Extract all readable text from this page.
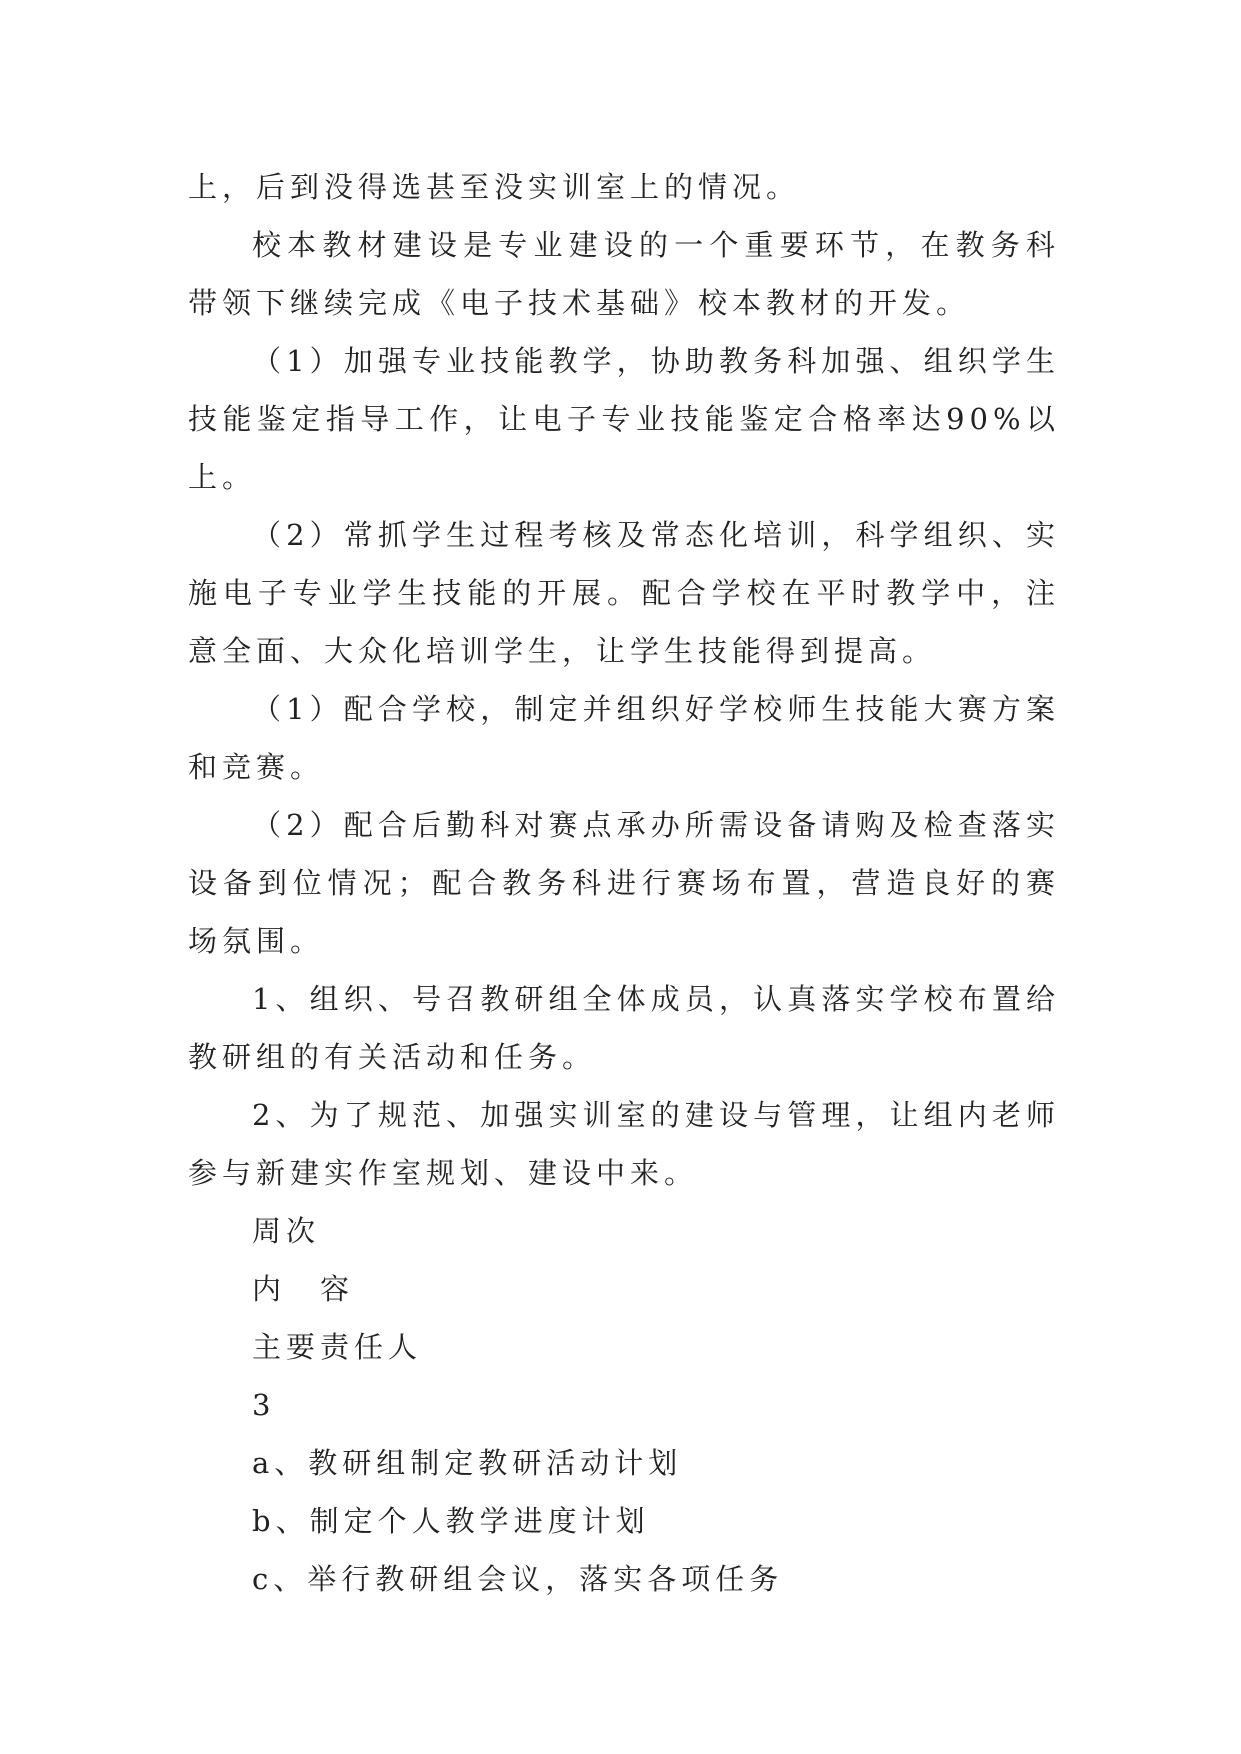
上，后到没得选甚至没实训室上的情况。

校本教材建设是专业建设的一个重要环节，在教务科带领下继续完成《电子技术基础》校本教材的开发。

（1）加强专业技能教学，协助教务科加强、组织学生技能鉴定指导工作，让电子专业技能鉴定合格率达90%以上。

（2）常抓学生过程考核及常态化培训，科学组织、实施电子专业学生技能的开展。配合学校在平时教学中，注意全面、大众化培训学生，让学生技能得到提高。

（1）配合学校，制定并组织好学校师生技能大赛方案和竞赛。

（2）配合后勤科对赛点承办所需设备请购及检查落实设备到位情况；配合教务科进行赛场布置，营造良好的赛场氛围。

1、组织、号召教研组全体成员，认真落实学校布置给教研组的有关活动和任务。

2、为了规范、加强实训室的建设与管理，让组内老师参与新建实作室规划、建设中来。

周次

内　容

主要责任人

3

a、教研组制定教研活动计划

b、制定个人教学进度计划

c、举行教研组会议，落实各项任务
